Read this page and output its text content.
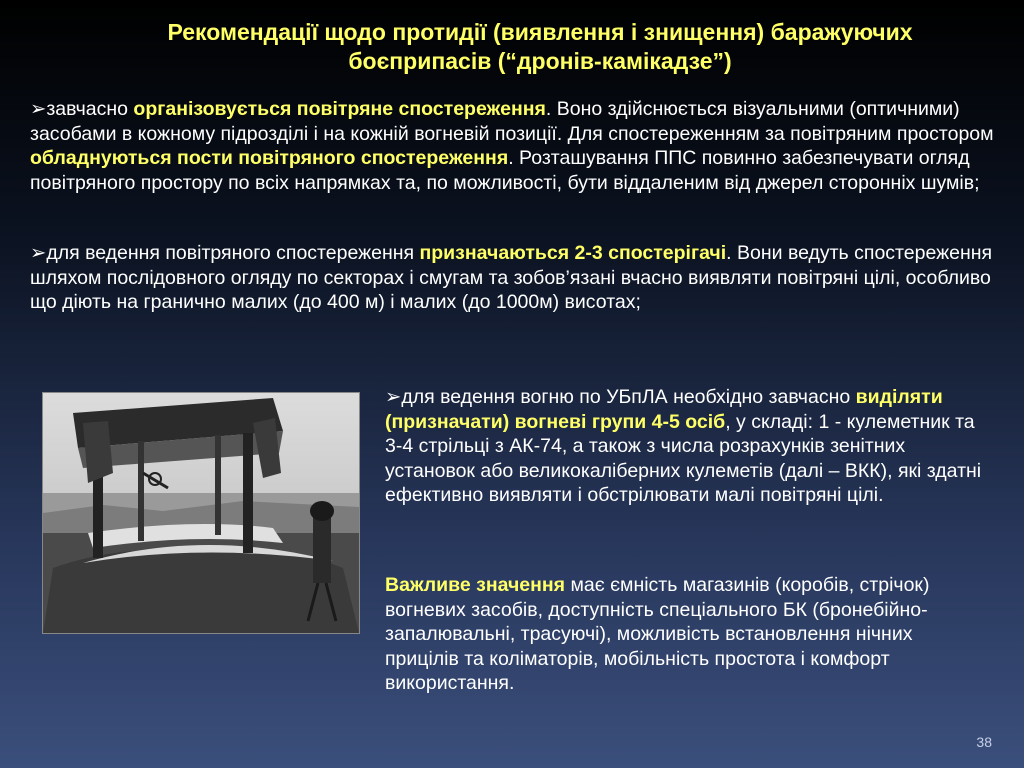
Рекомендації щодо протидії (виявлення і знищення) баражуючих боєприпасів (“дронів-камікадзе”)
➢завчасно організовується повітряне спостереження. Воно здійснюється візуальними (оптичними) засобами в кожному підрозділі і на кожній вогневій позиції. Для спостереженням за повітряним простором обладнуються пости повітряного спостереження. Розташування ППС повинно забезпечувати огляд повітряного простору по всіх напрямках та, по можливості, бути віддаленим від джерел сторонніх шумів;
➢для ведення повітряного спостереження призначаються 2-3 спостерігачі. Вони ведуть спостереження шляхом послідовного огляду по секторах і смугам та зобов’язані вчасно виявляти повітряні цілі, особливо що діють на гранично малих (до 400 м) і малих (до 1000м) висотах;
➢для ведення вогню по УБпЛА необхідно завчасно виділяти (призначати) вогневі групи 4-5 осіб, у складі: 1 - кулеметник та 3-4 стрільці з АК-74, а також з числа розрахунків зенітних установок або великокаліберних кулеметів (далі – ВКК), які здатні ефективно виявляти і обстрілювати малі повітряні цілі.
Важливе значення має ємність магазинів (коробів, стрічок) вогневих засобів, доступність спеціального БК (бронебійно-запалювальні, трасуючі), можливість встановлення нічних прицілів та коліматорів, мобільність простота і комфорт використання.
38
